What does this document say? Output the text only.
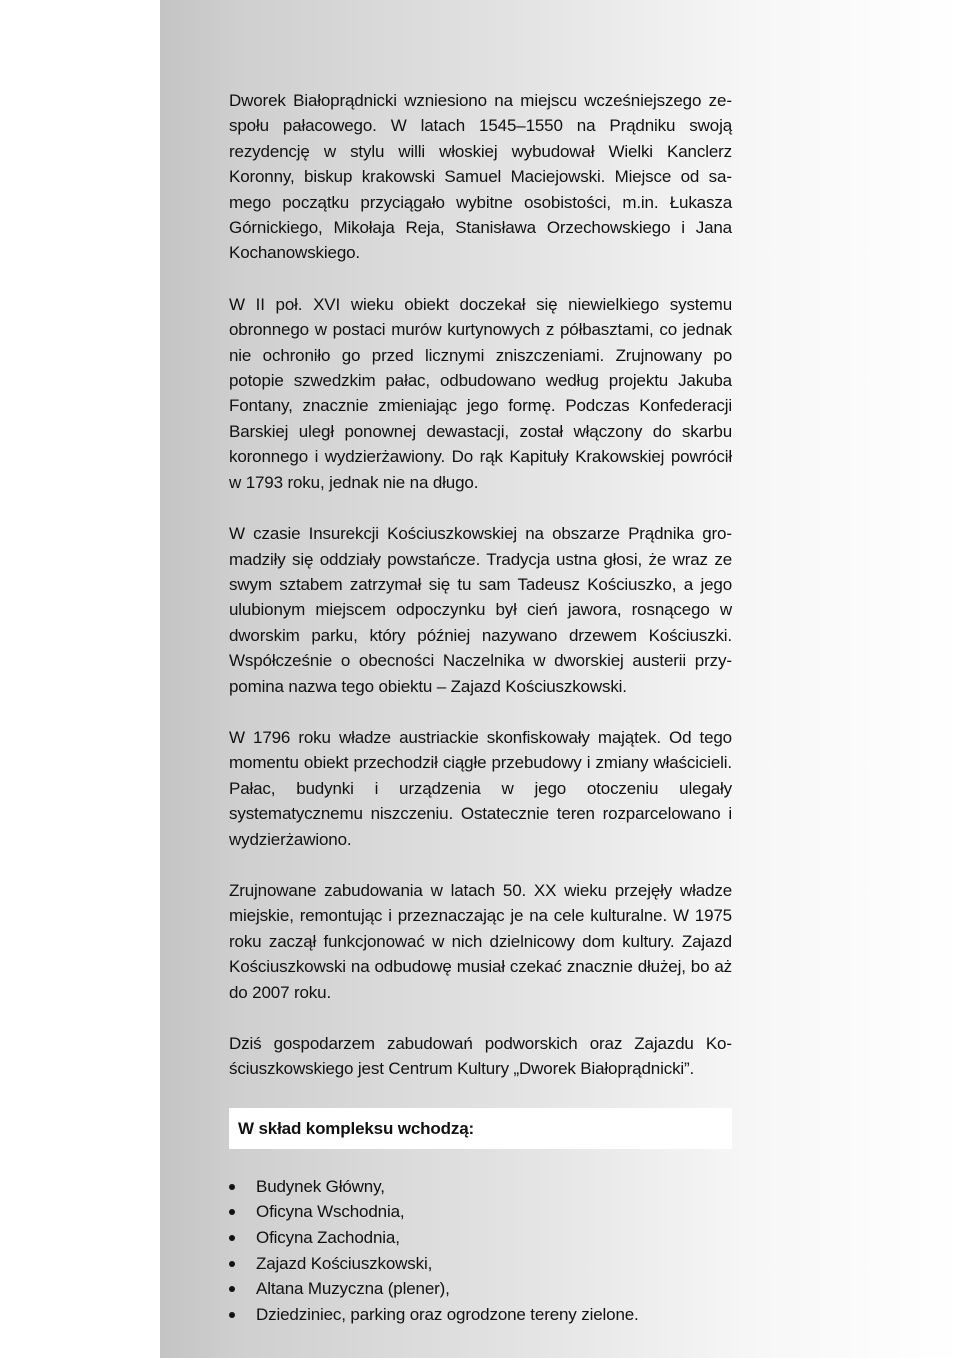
Dworek Białoprądnicki wzniesiono na miejscu wcześniejszego zespołu pałacowego. W latach 1545–1550 na Prądniku swoją rezydencję w stylu willi włoskiej wybudował Wielki Kanclerz Koronny, biskup krakowski Samuel Maciejowski. Miejsce od samego początku przyciągało wybitne osobistości, m.in. Łukasza Górnickiego, Mikołaja Reja, Stanisława Orzechowskiego i Jana Kochanowskiego.

W II poł. XVI wieku obiekt doczekał się niewielkiego systemu obronnego w postaci murów kurtynowych z półbasztami, co jednak nie ochroniło go przed licznymi zniszczeniami. Zrujnowany po potopie szwedzkim pałac, odbudowano według projektu Jakuba Fontany, znacznie zmieniając jego formę. Podczas Konfederacji Barskiej uległ ponownej dewastacji, został włączony do skarbu koronnego i wydzierżawiony. Do rąk Kapituły Krakowskiej powrócił w 1793 roku, jednak nie na długo.

W czasie Insurekcji Kościuszkowskiej na obszarze Prądnika gromadziły się oddziały powstańcze. Tradycja ustna głosi, że wraz ze swym sztabem zatrzymał się tu sam Tadeusz Kościuszko, a jego ulubionym miejscem odpoczynku był cień jawora, rosnącego w dworskim parku, który później nazywano drzewem Kościuszki. Współcześnie o obecności Naczelnika w dworskiej austerii przypomina nazwa tego obiektu – Zajazd Kościuszkowski.

W 1796 roku władze austriackie skonfiskowały majątek. Od tego momentu obiekt przechodził ciągłe przebudowy i zmiany właścicieli. Pałac, budynki i urządzenia w jego otoczeniu ulegały systematycznemu niszczeniu. Ostatecznie teren rozparcelowano i wydzierżawiono.

Zrujnowane zabudowania w latach 50. XX wieku przejęły władze miejskie, remontując i przeznaczając je na cele kulturalne. W 1975 roku zaczął funkcjonować w nich dzielnicowy dom kultury. Zajazd Kościuszkowski na odbudowę musiał czekać znacznie dłużej, bo aż do 2007 roku.

Dziś gospodarzem zabudowań podworskich oraz Zajazdu Kościuszkowskiego jest Centrum Kultury „Dworek Białoprądnicki”.

W skład kompleksu wchodzą:
Budynek Główny,
Oficyna Wschodnia,
Oficyna Zachodnia,
Zajazd Kościuszkowski,
Altana Muzyczna (plener),
Dziedziniec, parking oraz ogrodzone tereny zielone.
